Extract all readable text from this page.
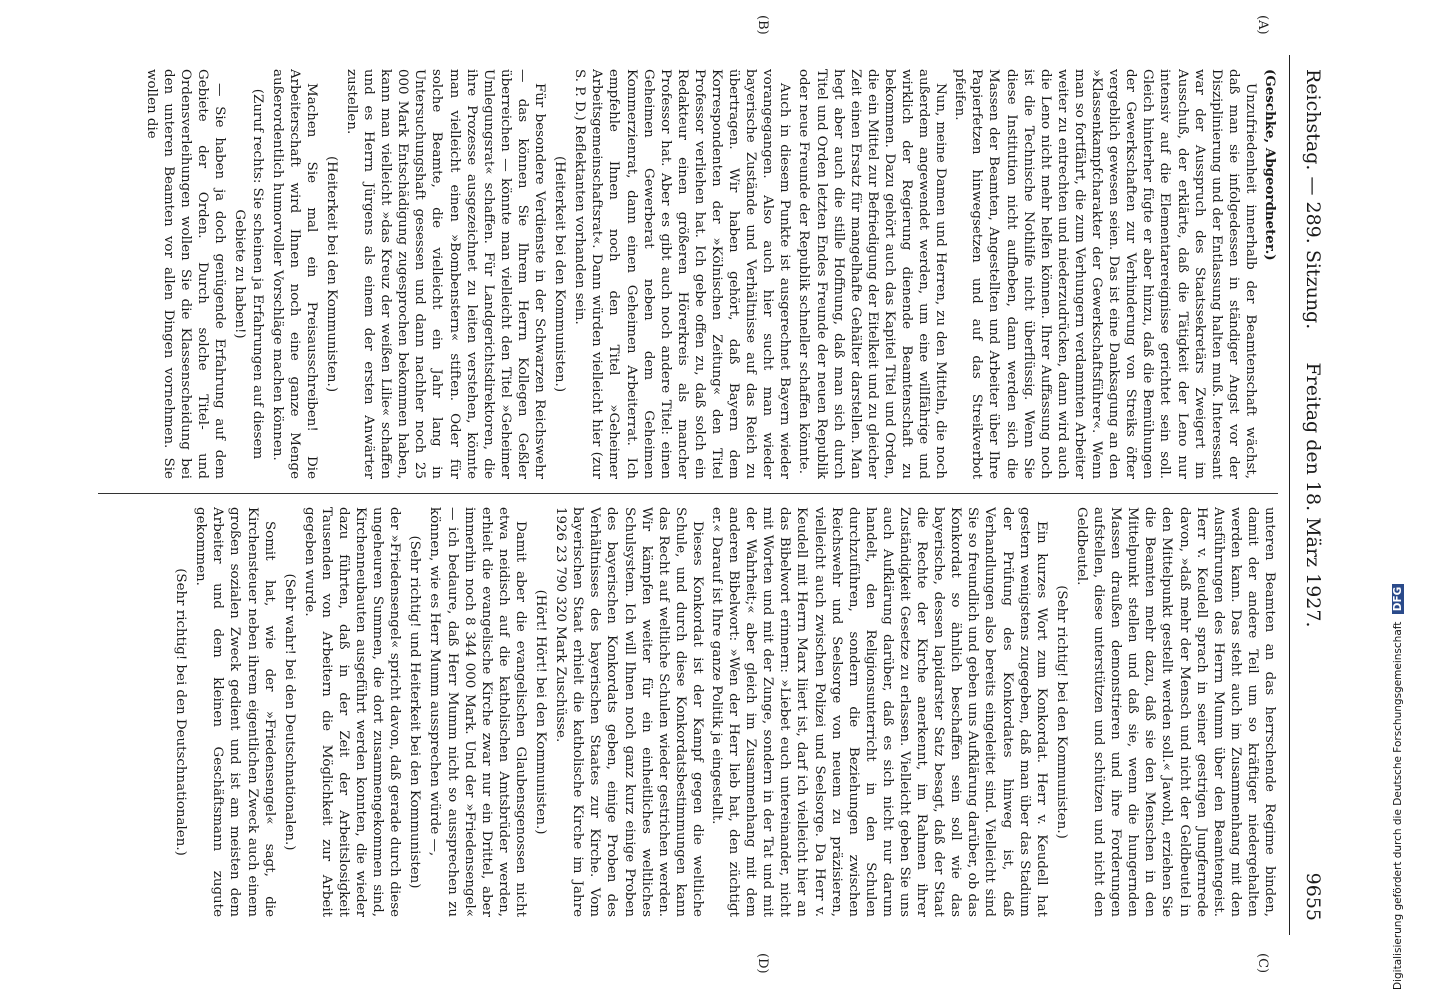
Reichstag. — 289. Sitzung.
Freitag den 18. März 1927.
9655
(A)
(B)
(C)
(D)

(Geschke, Abgeordneter.)

Unzufriedenheit innerhalb der Beamtenschaft wächst, daß man sie infolgedessen in ständiger Angst vor der Disziplinierung und der Entlassung halten muß. Interessant war der Ausspruch des Staatssekretärs Zweigert im Ausschuß, der erklärte, daß die Tätigkeit der Leno nur intensiv auf die Elementarereignisse gerichtet sein soll. Gleich hinterher fügte er aber hinzu, daß die Bemühungen der Gewerkschaften zur Verhinderung von Streiks öfter vergeblich gewesen seien. Das ist eine Danksagung an den »Klassenkampfcharakter der Gewerkschaftsführer«. Wenn man so fortfährt, die zum Verhungern verdammten Arbeiter weiter zu entrechten und niederzudrücken, dann wird auch die Leno nicht mehr helfen können. Ihrer Auffassung noch ist die Technische Nothilfe nicht überflüssig. Wenn Sie diese Institution nicht aufheben, dann werden sich die Massen der Beamten, Angestellten und Arbeiter über Ihre Papierfetzen hinwegsetzen und auf das Streikverbot pfeifen.

Nun, meine Damen und Herren, zu den Mitteln, die noch außerdem angewendet werden, um eine willfährige und wirklich der Regierung dienende Beamtenschaft zu bekommen. Dazu gehört auch das Kapitel Titel und Orden, die ein Mittel zur Befriedigung der Eitelkeit und zu gleicher Zeit einen Ersatz für mangelhafte Gehälter darstellen. Man hegt aber auch die stille Hoffnung, daß man sich durch Titel und Orden letzten Endes Freunde der neuen Republik oder neue Freunde der Republik schneller schaffen könnte.

Auch in diesem Punkte ist ausgerechnet Bayern wieder vorangegangen. Also auch hier sucht man wieder bayerische Zustände und Verhältnisse auf das Reich zu übertragen. Wir haben gehört, daß Bayern dem Korrespondenten der »Kölnischen Zeitung« den Titel Professor verliehen hat. Ich gebe offen zu, daß solch ein Redakteur einen größeren Hörerkreis als mancher Professor hat. Aber es gibt auch noch andere Titel: einen Geheimen Gewerberat neben dem Geheimen Kommerzienrat, dann einen Geheimen Arbeiterrat. Ich empfehle Ihnen noch den Titel »Geheimer Arbeitsgemeinschaftsrat«. Dann würden vielleicht hier (zur S. P. D.) Reflektanten vorhanden sein.

(Heiterkeit bei den Kommunisten.)

Für besondere Verdienste in der Schwarzen Reichswehr — das können Sie Ihrem Herrn Kollegen Geßler überreichen — könnte man vielleicht den Titel »Geheimer Umlegungsrat« schaffen. Für Landgerichtsdirektoren, die ihre Prozesse ausgezeichnet zu leiten verstehen, könnte man vielleicht einen »Bombenstern« stiften. Oder für solche Beamte, die vielleicht ein Jahr lang in Untersuchungshaft gesessen und dann nachher noch 25 000 Mark Entschädigung zugesprochen bekommen haben, kann man vielleicht »das Kreuz der weißen Lilie« schaffen und es Herrn Jürgens als einem der ersten Anwärter zustellen.

(Heiterkeit bei den Kommunisten.)

Machen Sie mal ein Preisausschreiben! Die Arbeiterschaft wird Ihnen noch eine ganze Menge außerordentlich humorvoller Vorschläge machen können.

(Zuruf rechts: Sie scheinen ja Erfahrungen auf diesem Gebiete zu haben!)

— Sie haben ja doch genügende Erfahrung auf dem Gebiete der Orden. Durch solche Titel- und Ordensverleihungen wollen Sie die Klassenscheidung bei den unteren Beamten vor allen Dingen vornehmen. Sie wollen die

unteren Beamten an das herrschende Regime binden, damit der andere Teil um so kräftiger niedergehalten werden kann. Das steht auch im Zusammenhang mit den Ausführungen des Herrn Mumm über den Beamtengeist. Herr v. Keudell sprach in seiner gestrigen Jungfernrede davon, »daß mehr der Mensch und nicht der Geldbeutel in den Mittelpunkt gestellt werden soll.« Jawohl, erziehen Sie die Beamten mehr dazu, daß sie den Menschen in den Mittelpunkt stellen und daß sie, wenn die hungernden Massen draußen demonstrieren und ihre Forderungen aufstellen, diese unterstützen und schützen und nicht den Geldbeutel.

(Sehr richtig! bei den Kommunisten.)

Ein kurzes Wort zum Konkordat. Herr v. Keudell hat gestern wenigstens zugegeben, daß man über das Stadium der Prüfung des Konkordates hinweg ist, daß Verhandlungen also bereits eingeleitet sind. Vielleicht sind Sie so freundlich und geben uns Aufklärung darüber, ob das Konkordat so ähnlich beschaffen sein soll wie das bayerische, dessen lapidarster Satz besagt, daß der Staat die Rechte der Kirche anerkennt, im Rahmen ihrer Zuständigkeit Gesetze zu erlassen. Vielleicht geben Sie uns auch Aufklärung darüber, daß es sich nicht nur darum handelt, den Religionsunterricht in den Schulen durchzuführen, sondern die Beziehungen zwischen Reichswehr und Seelsorge von neuem zu präzisieren, vielleicht auch zwischen Polizei und Seelsorge. Da Herr v. Keudell mit Herrn Marx liiert ist, darf ich vielleicht hier an das Bibelwort erinnern: »Liebet euch untereinander, nicht mit Worten und mit der Zunge, sondern in der Tat und mit der Wahrheit;« aber gleich im Zusammenhang mit dem anderen Bibelwort: »Wen der Herr lieb hat, den züchtigt er.« Darauf ist Ihre ganze Politik ja eingestellt.

Dieses Konkordat ist der Kampf gegen die weltliche Schule, und durch diese Konkordatsbestimmungen kann das Recht auf weltliche Schulen wieder gestrichen werden. Wir kämpfen weiter für ein einheitliches weltliches Schulsystem. Ich will Ihnen noch ganz kurz einige Proben des bayerischen Konkordats geben, einige Proben des Verhältnisses des bayerischen Staates zur Kirche. Vom bayerischen Staat erhielt die katholische Kirche im Jahre 1926 23 790 320 Mark Zuschüsse.

(Hört! Hört! bei den Kommunisten.)

Damit aber die evangelischen Glaubensgenossen nicht etwa neidisch auf die katholischen Amtsbrüder werden, erhielt die evangelische Kirche zwar nur ein Drittel, aber immerhin noch 8 344 000 Mark. Und der »Friedensengel« — ich bedaure, daß Herr Mumm nicht so aussprechen zu können, wie es Herr Mumm aussprechen würde —,

(Sehr richtig! und Heiterkeit bei den Kommunisten)

der »Friedensengel« spricht davon, daß gerade durch diese ungeheuren Summen, die dort zusammengekommen sind, Kirchenneubauten ausgeführt werden konnten, die wieder dazu führten, daß in der Zeit der Arbeitslosigkeit Tausenden von Arbeitern die Möglichkeit zur Arbeit gegeben wurde.

(Sehr wahr! bei den Deutschnationalen.)

Somit hat, wie der »Friedensengel« sagt, die Kirchensteuer neben ihrem eigentlichen Zweck auch einem großen sozialen Zweck gedient und ist am meisten dem Arbeiter und dem kleinen Geschäftsmann zugute gekommen.

(Sehr richtig! bei den Deutschnationalen.)	Digitalisierung gefördert durch die Deutsche Forschungsgemeinschaft DFG
